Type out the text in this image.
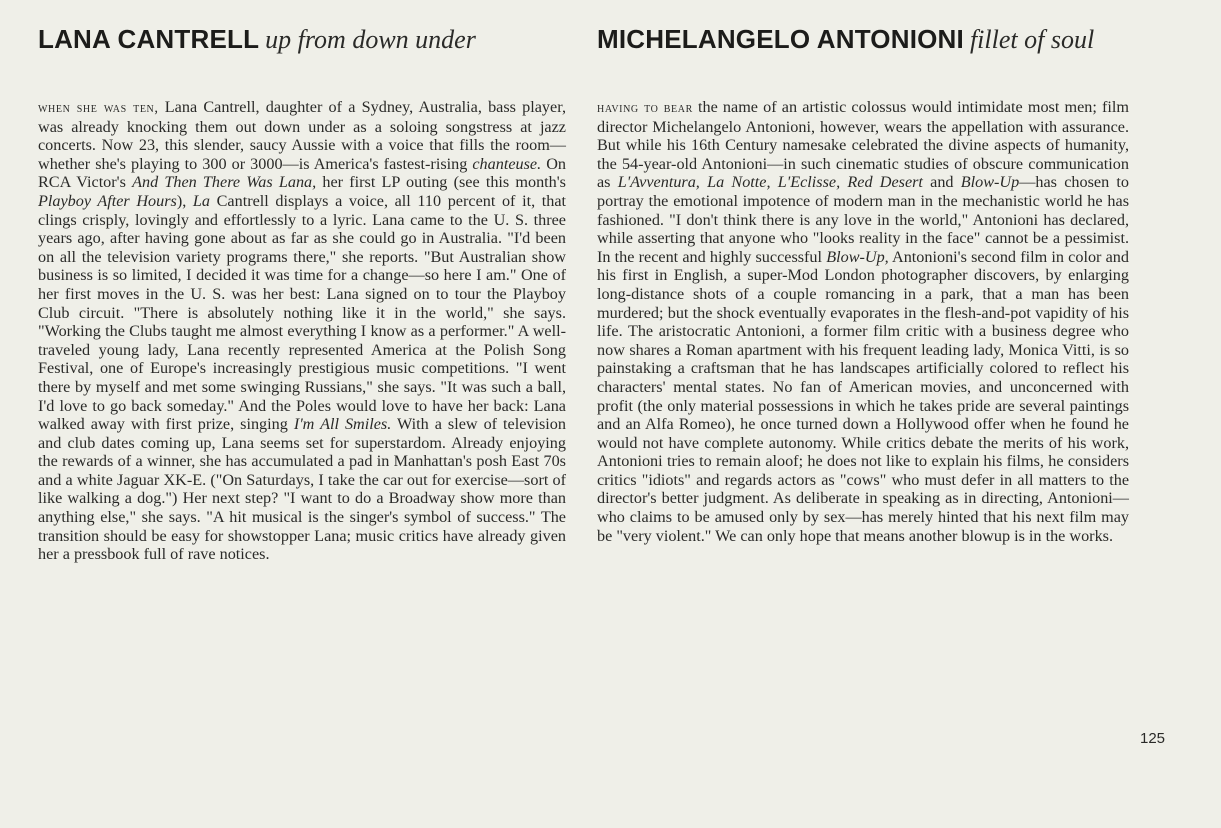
LANA CANTRELL up from down under
when she was ten, Lana Cantrell, daughter of a Sydney, Australia, bass player, was already knocking them out down under as a soloing songstress at jazz concerts. Now 23, this slender, saucy Aussie with a voice that fills the room—whether she's playing to 300 or 3000—is America's fastest-rising chanteuse. On RCA Victor's And Then There Was Lana, her first LP outing (see this month's Playboy After Hours), La Cantrell displays a voice, all 110 percent of it, that clings crisply, lovingly and effortlessly to a lyric. Lana came to the U. S. three years ago, after having gone about as far as she could go in Australia. "I'd been on all the television variety programs there," she reports. "But Australian show business is so limited, I decided it was time for a change—so here I am." One of her first moves in the U. S. was her best: Lana signed on to tour the Playboy Club circuit. "There is absolutely nothing like it in the world," she says. "Working the Clubs taught me almost everything I know as a performer." A well-traveled young lady, Lana recently represented America at the Polish Song Festival, one of Europe's increasingly prestigious music competitions. "I went there by myself and met some swinging Russians," she says. "It was such a ball, I'd love to go back someday." And the Poles would love to have her back: Lana walked away with first prize, singing I'm All Smiles. With a slew of television and club dates coming up, Lana seems set for superstardom. Already enjoying the rewards of a winner, she has accumulated a pad in Manhattan's posh East 70s and a white Jaguar XK-E. ("On Saturdays, I take the car out for exercise—sort of like walking a dog.") Her next step? "I want to do a Broadway show more than anything else," she says. "A hit musical is the singer's symbol of success." The transition should be easy for showstopper Lana; music critics have already given her a pressbook full of rave notices.
MICHELANGELO ANTONIONI fillet of soul
having to bear the name of an artistic colossus would intimidate most men; film director Michelangelo Antonioni, however, wears the appellation with assurance. But while his 16th Century namesake celebrated the divine aspects of humanity, the 54-year-old Antonioni—in such cinematic studies of obscure communication as L'Avventura, La Notte, L'Eclisse, Red Desert and Blow-Up—has chosen to portray the emotional impotence of modern man in the mechanistic world he has fashioned. "I don't think there is any love in the world," Antonioni has declared, while asserting that anyone who "looks reality in the face" cannot be a pessimist. In the recent and highly successful Blow-Up, Antonioni's second film in color and his first in English, a super-Mod London photographer discovers, by enlarging long-distance shots of a couple romancing in a park, that a man has been murdered; but the shock eventually evaporates in the flesh-and-pot vapidity of his life. The aristocratic Antonioni, a former film critic with a business degree who now shares a Roman apartment with his frequent leading lady, Monica Vitti, is so painstaking a craftsman that he has landscapes artificially colored to reflect his characters' mental states. No fan of American movies, and unconcerned with profit (the only material possessions in which he takes pride are several paintings and an Alfa Romeo), he once turned down a Hollywood offer when he found he would not have complete autonomy. While critics debate the merits of his work, Antonioni tries to remain aloof; he does not like to explain his films, he considers critics "idiots" and regards actors as "cows" who must defer in all matters to the director's better judgment. As deliberate in speaking as in directing, Antonioni—who claims to be amused only by sex—has merely hinted that his next film may be "very violent." We can only hope that means another blowup is in the works.
125
